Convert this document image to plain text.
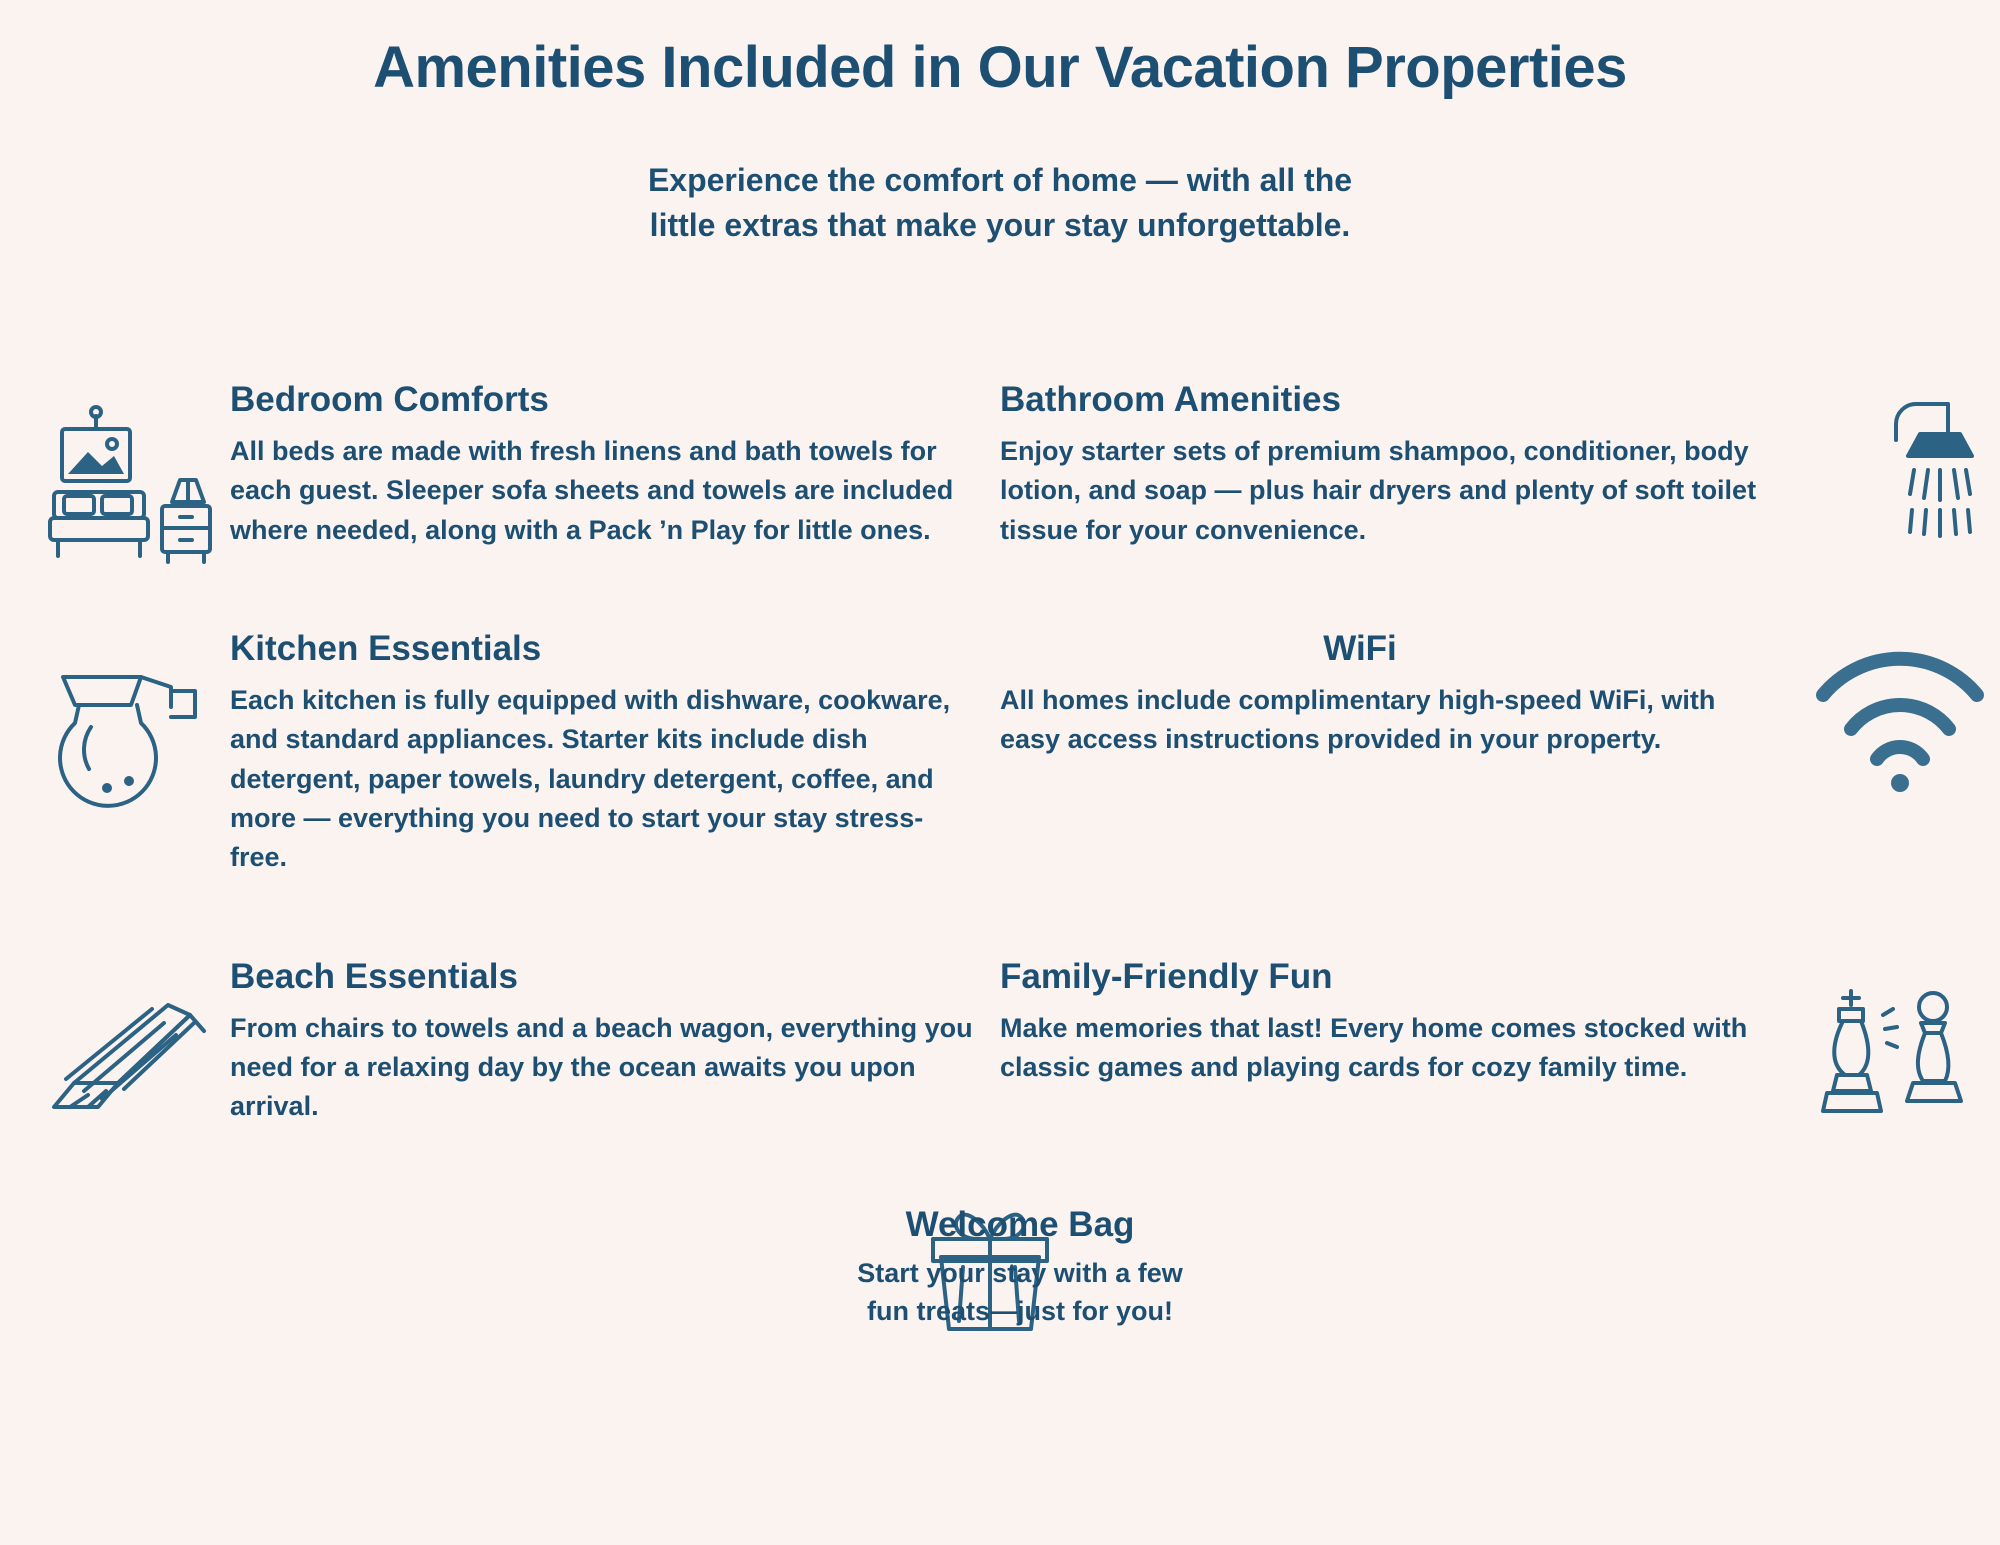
Amenities Included in Our Vacation Properties
Experience the comfort of home — with all the
little extras that make your stay unforgettable.
Bedroom Comforts

All beds are made with fresh linens and bath towels for each guest. Sleeper sofa sheets and towels are included where needed, along with a Pack ’n Play for little ones.

Bathroom Amenities

Enjoy starter sets of premium shampoo, conditioner, body lotion, and soap — plus hair dryers and plenty of soft toilet tissue for your convenience.

Kitchen Essentials

Each kitchen is fully equipped with dishware, cookware, and standard appliances. Starter kits include dish detergent, paper towels, laundry detergent, coffee, and more — everything you need to start your stay stress-free.

WiFi

All homes include complimentary high-speed WiFi, with easy access instructions provided in your property.

Beach Essentials

From chairs to towels and a beach wagon, everything you need for a relaxing day by the ocean awaits you upon arrival.

Family-Friendly Fun

Make memories that last! Every home comes stocked with classic games and playing cards for cozy family time.

Welcome Bag

Start your stay with a few

fun treats—just for you!
